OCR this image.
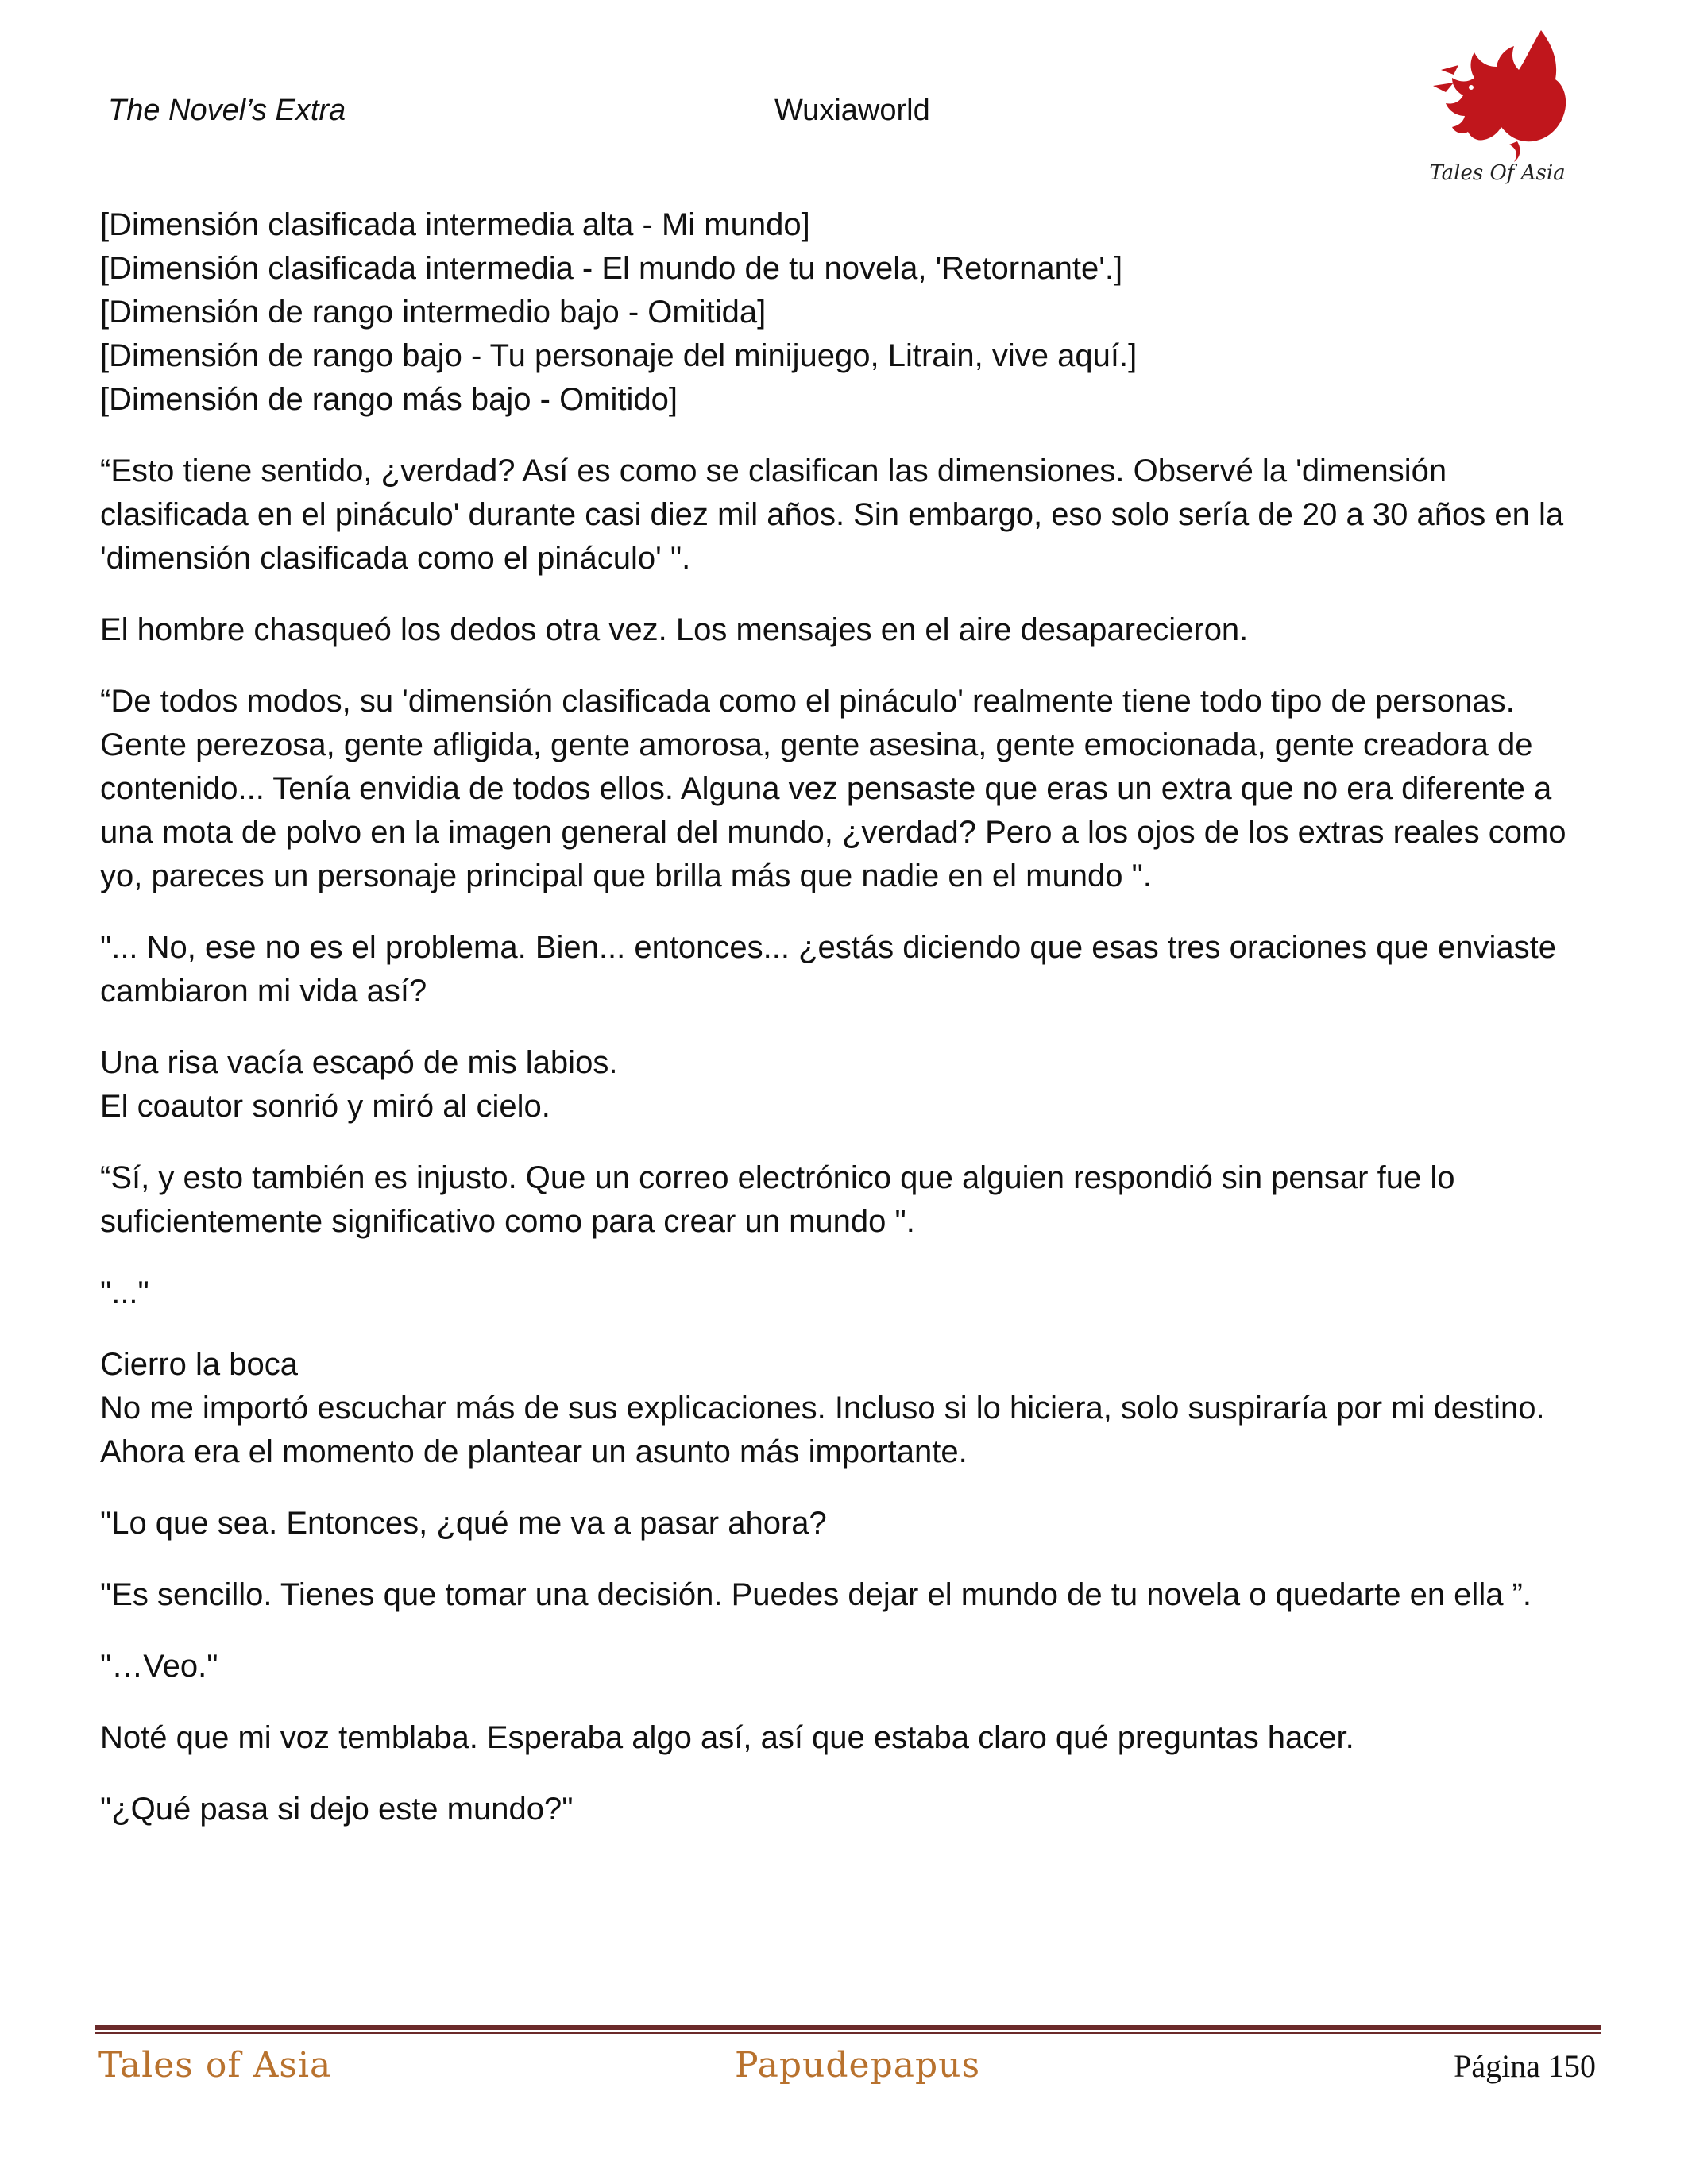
The Novel’s Extra	Wuxiaworld
Tales Of Asia
[Dimensión clasificada intermedia alta - Mi mundo]
[Dimensión clasificada intermedia - El mundo de tu novela, 'Retornante'.]
[Dimensión de rango intermedio bajo - Omitida]
[Dimensión de rango bajo - Tu personaje del minijuego, Litrain, vive aquí.]
[Dimensión de rango más bajo - Omitido]
“Esto tiene sentido, ¿verdad? Así es como se clasifican las dimensiones. Observé la 'dimensión clasificada en el pináculo' durante casi diez mil años. Sin embargo, eso solo sería de 20 a 30 años en la 'dimensión clasificada como el pináculo' ".
El hombre chasqueó los dedos otra vez. Los mensajes en el aire desaparecieron.
“De todos modos, su 'dimensión clasificada como el pináculo' realmente tiene todo tipo de personas. Gente perezosa, gente afligida, gente amorosa, gente asesina, gente emocionada, gente creadora de contenido... Tenía envidia de todos ellos. Alguna vez pensaste que eras un extra que no era diferente a una mota de polvo en la imagen general del mundo, ¿verdad? Pero a los ojos de los extras reales como yo, pareces un personaje principal que brilla más que nadie en el mundo ".
"... No, ese no es el problema. Bien... entonces... ¿estás diciendo que esas tres oraciones que enviaste cambiaron mi vida así?
Una risa vacía escapó de mis labios.
El coautor sonrió y miró al cielo.
“Sí, y esto también es injusto. Que un correo electrónico que alguien respondió sin pensar fue lo suficientemente significativo como para crear un mundo ".
"..."
Cierro la boca
No me importó escuchar más de sus explicaciones. Incluso si lo hiciera, solo suspiraría por mi destino.
Ahora era el momento de plantear un asunto más importante.
"Lo que sea. Entonces, ¿qué me va a pasar ahora?
"Es sencillo. Tienes que tomar una decisión. Puedes dejar el mundo de tu novela o quedarte en ella ”.
"…Veo."
Noté que mi voz temblaba. Esperaba algo así, así que estaba claro qué preguntas hacer.
"¿Qué pasa si dejo este mundo?"
Tales of Asia	Papudepapus	Página 150
